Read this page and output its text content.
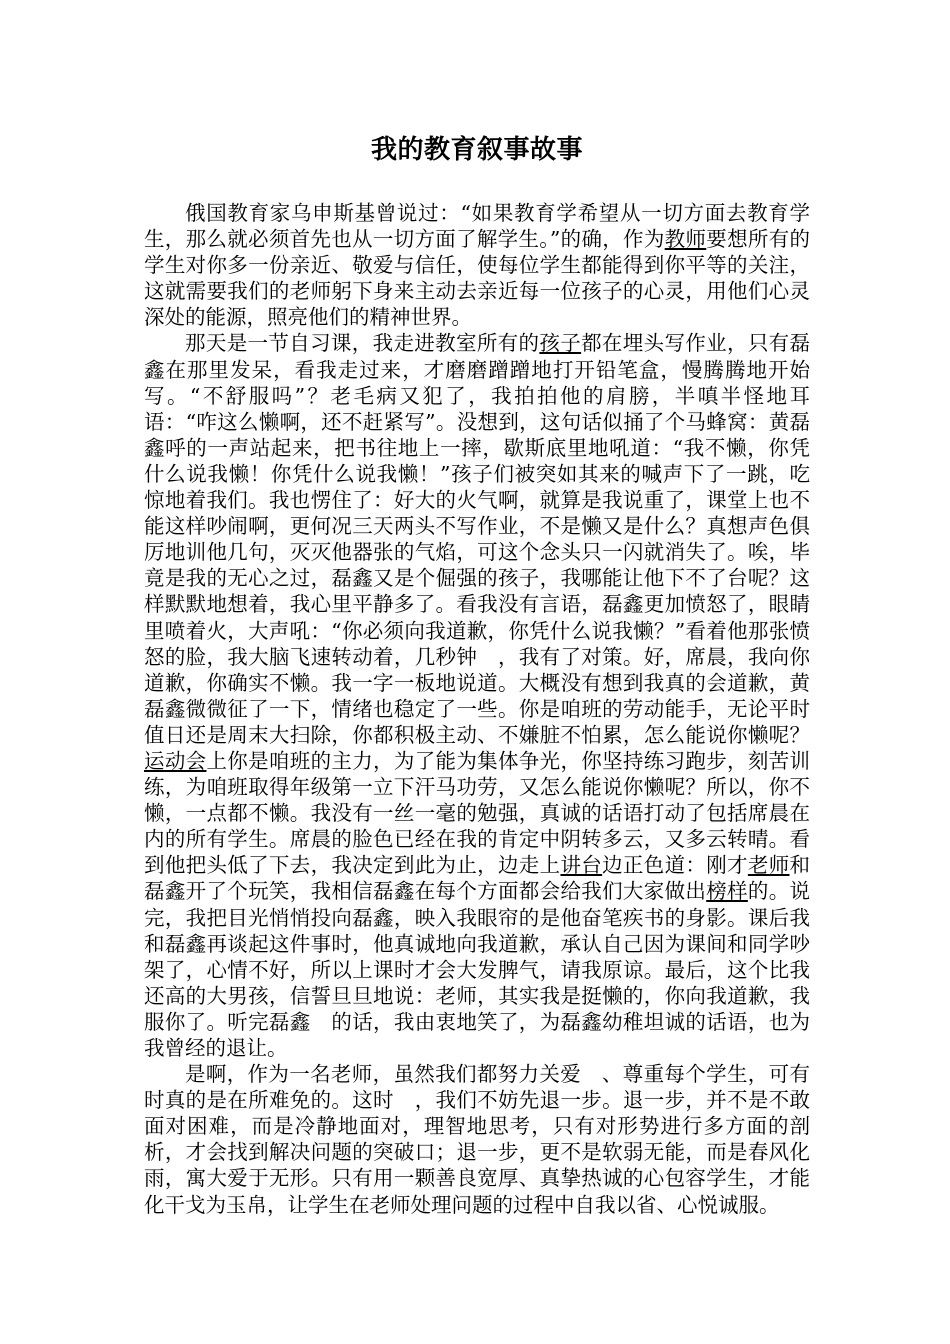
我的教育叙事故事

俄国教育家乌申斯基曾说过：“如果教育学希望从一切方面去教育学生，那么就必须首先也从一切方面了解学生。”的确，作为教师要想所有的学生对你多一份亲近、敬爱与信任，使每位学生都能得到你平等的关注，这就需要我们的老师躬下身来主动去亲近每一位孩子的心灵，用他们心灵深处的能源，照亮他们的精神世界。

那天是一节自习课，我走进教室所有的孩子都在埋头写作业，只有磊鑫在那里发呆，看我走过来，才磨磨蹭蹭地打开铅笔盒，慢腾腾地开始写。“不舒服吗”？老毛病又犯了，我拍拍他的肩膀，半嗔半怪地耳语：“咋这么懒啊，还不赶紧写”。没想到，这句话似捅了个马蜂窝：黄磊鑫呼的一声站起来，把书往地上一摔，歇斯底里地吼道：“我不懒，你凭什么说我懒！你凭什么说我懒！”孩子们被突如其来的喊声下了一跳，吃惊地着我们。我也愣住了：好大的火气啊，就算是我说重了，课堂上也不能这样吵闹啊，更何况三天两头不写作业，不是懒又是什么？真想声色俱厉地训他几句，灭灭他器张的气焰，可这个念头只一闪就消失了。唉，毕竟是我的无心之过，磊鑫又是个倔强的孩子，我哪能让他下不了台呢？这样默默地想着，我心里平静多了。看我没有言语，磊鑫更加愤怒了，眼睛里喷着火，大声吼：“你必须向我道歉，你凭什么说我懒？”看着他那张愤怒的脸，我大脑飞速转动着，几秒钟　，我有了对策。好，席晨，我向你道歉，你确实不懒。我一字一板地说道。大概没有想到我真的会道歉，黄磊鑫微微征了一下，情绪也稳定了一些。你是咱班的劳动能手，无论平时值日还是周末大扫除，你都积极主动、不嫌脏不怕累，怎么能说你懒呢？运动会上你是咱班的主力，为了能为集体争光，你坚持练习跑步，刻苦训练，为咱班取得年级第一立下汗马功劳，又怎么能说你懒呢？所以，你不懒，一点都不懒。我没有一丝一毫的勉强，真诚的话语打动了包括席晨在内的所有学生。席晨的脸色已经在我的肯定中阴转多云，又多云转晴。看到他把头低了下去，我决定到此为止，边走上讲台边正色道：刚才老师和磊鑫开了个玩笑，我相信磊鑫在每个方面都会给我们大家做出榜样的。说完，我把目光悄悄投向磊鑫，映入我眼帘的是他奋笔疾书的身影。课后我和磊鑫再谈起这件事时，他真诚地向我道歉，承认自己因为课间和同学吵架了，心情不好，所以上课时才会大发脾气，请我原谅。最后，这个比我还高的大男孩，信誓旦旦地说：老师，其实我是挺懒的，你向我道歉，我服你了。听完磊鑫　的话，我由衷地笑了，为磊鑫幼稚坦诚的话语，也为我曾经的退让。

是啊，作为一名老师，虽然我们都努力关爱　、尊重每个学生，可有时真的是在所难免的。这时　，我们不妨先退一步。退一步，并不是不敢面对困难，而是冷静地面对，理智地思考，只有对形势进行多方面的剖析，才会找到解决问题的突破口；退一步，更不是软弱无能，而是春风化雨，寓大爱于无形。只有用一颗善良宽厚、真挚热诚的心包容学生，才能化干戈为玉帛，让学生在老师处理问题的过程中自我以省、心悦诚服。
